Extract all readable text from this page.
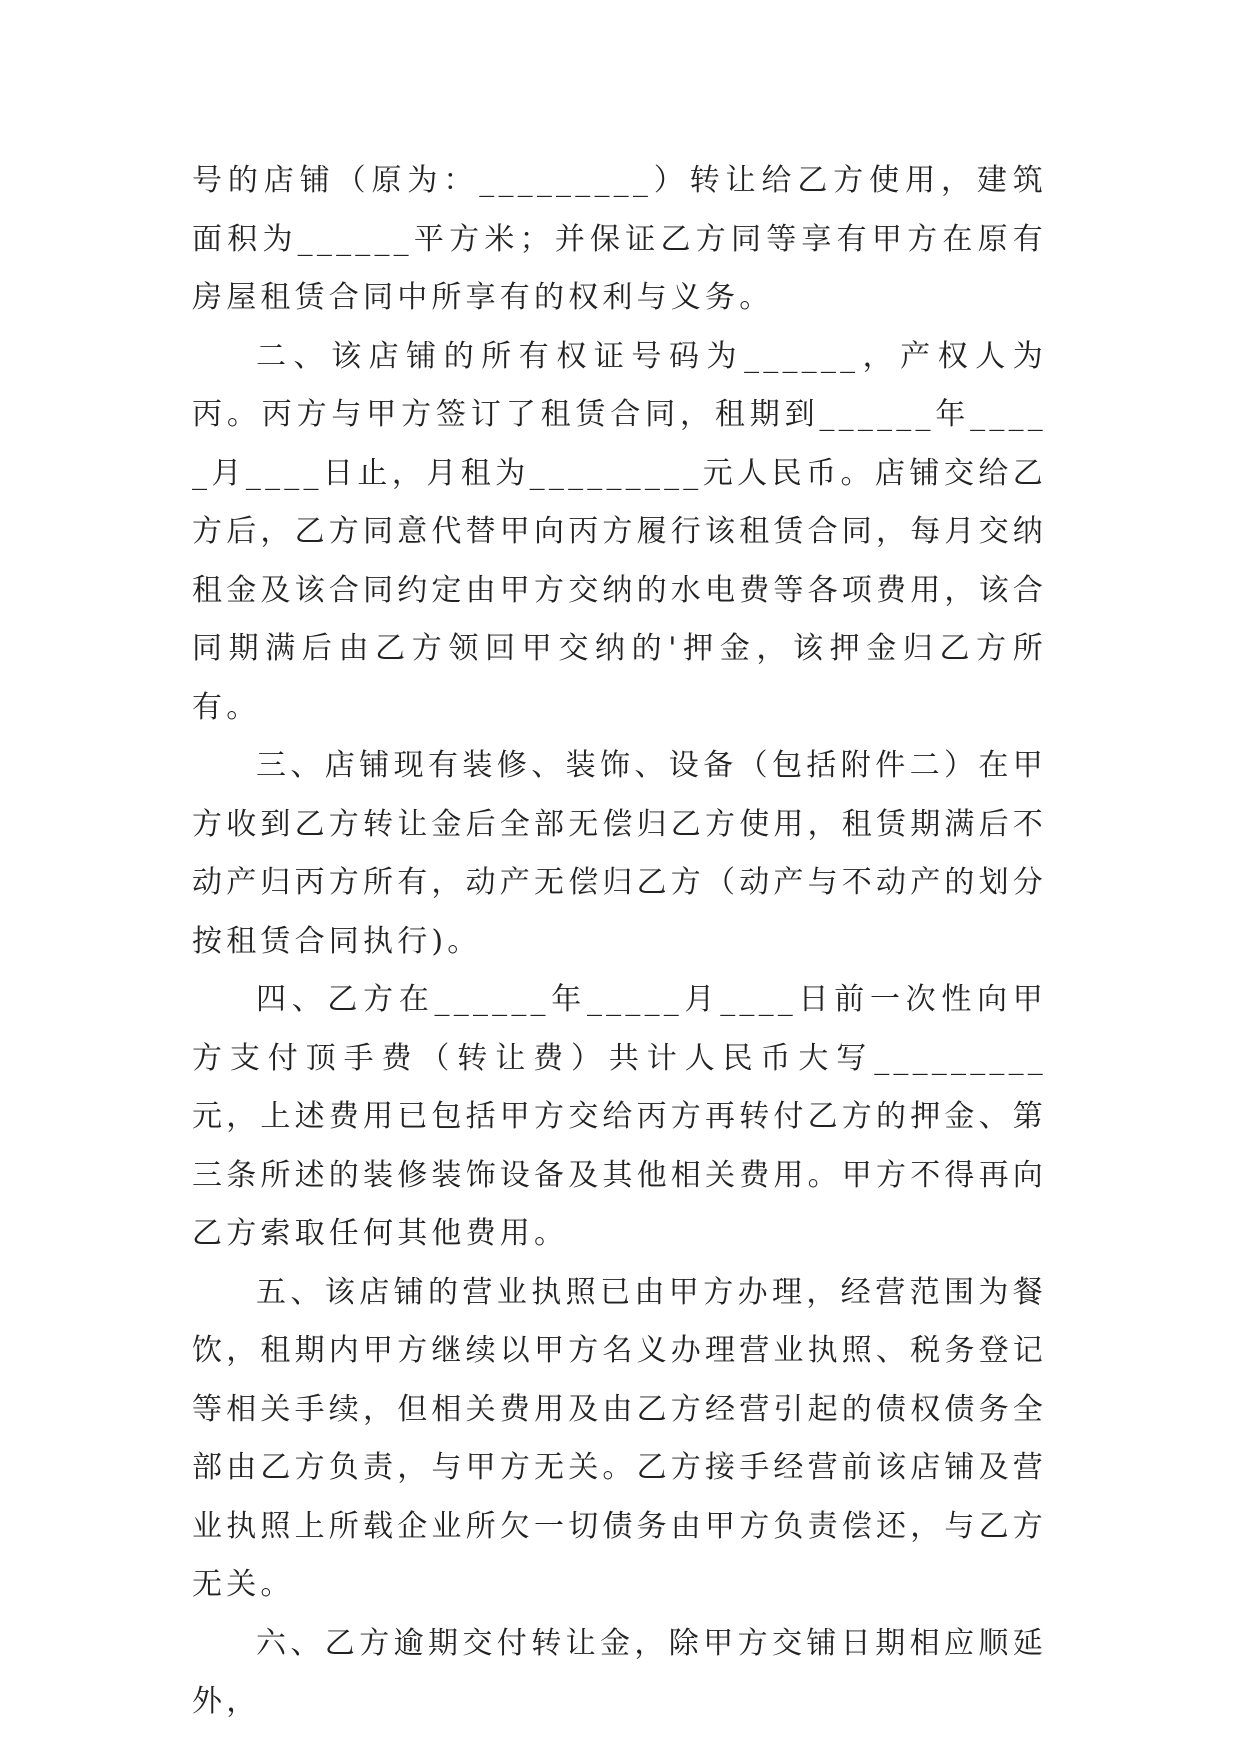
号的店铺（原为：_________）转让给乙方使用，建筑面积为______平方米；并保证乙方同等享有甲方在原有房屋租赁合同中所享有的权利与义务。

二、该店铺的所有权证号码为______，产权人为丙。丙方与甲方签订了租赁合同，租期到______年_____月____日止，月租为_________元人民币。店铺交给乙方后，乙方同意代替甲向丙方履行该租赁合同，每月交纳租金及该合同约定由甲方交纳的水电费等各项费用，该合同期满后由乙方领回甲交纳的'押金，该押金归乙方所有。

三、店铺现有装修、装饰、设备（包括附件二）在甲方收到乙方转让金后全部无偿归乙方使用，租赁期满后不动产归丙方所有，动产无偿归乙方（动产与不动产的划分按租赁合同执行)。

四、乙方在______年_____月____日前一次性向甲方支付顶手费（转让费）共计人民币大写_________元，上述费用已包括甲方交给丙方再转付乙方的押金、第三条所述的装修装饰设备及其他相关费用。甲方不得再向乙方索取任何其他费用。

五、该店铺的营业执照已由甲方办理，经营范围为餐饮，租期内甲方继续以甲方名义办理营业执照、税务登记等相关手续，但相关费用及由乙方经营引起的债权债务全部由乙方负责，与甲方无关。乙方接手经营前该店铺及营业执照上所载企业所欠一切债务由甲方负责偿还，与乙方无关。

六、乙方逾期交付转让金，除甲方交铺日期相应顺延外，
